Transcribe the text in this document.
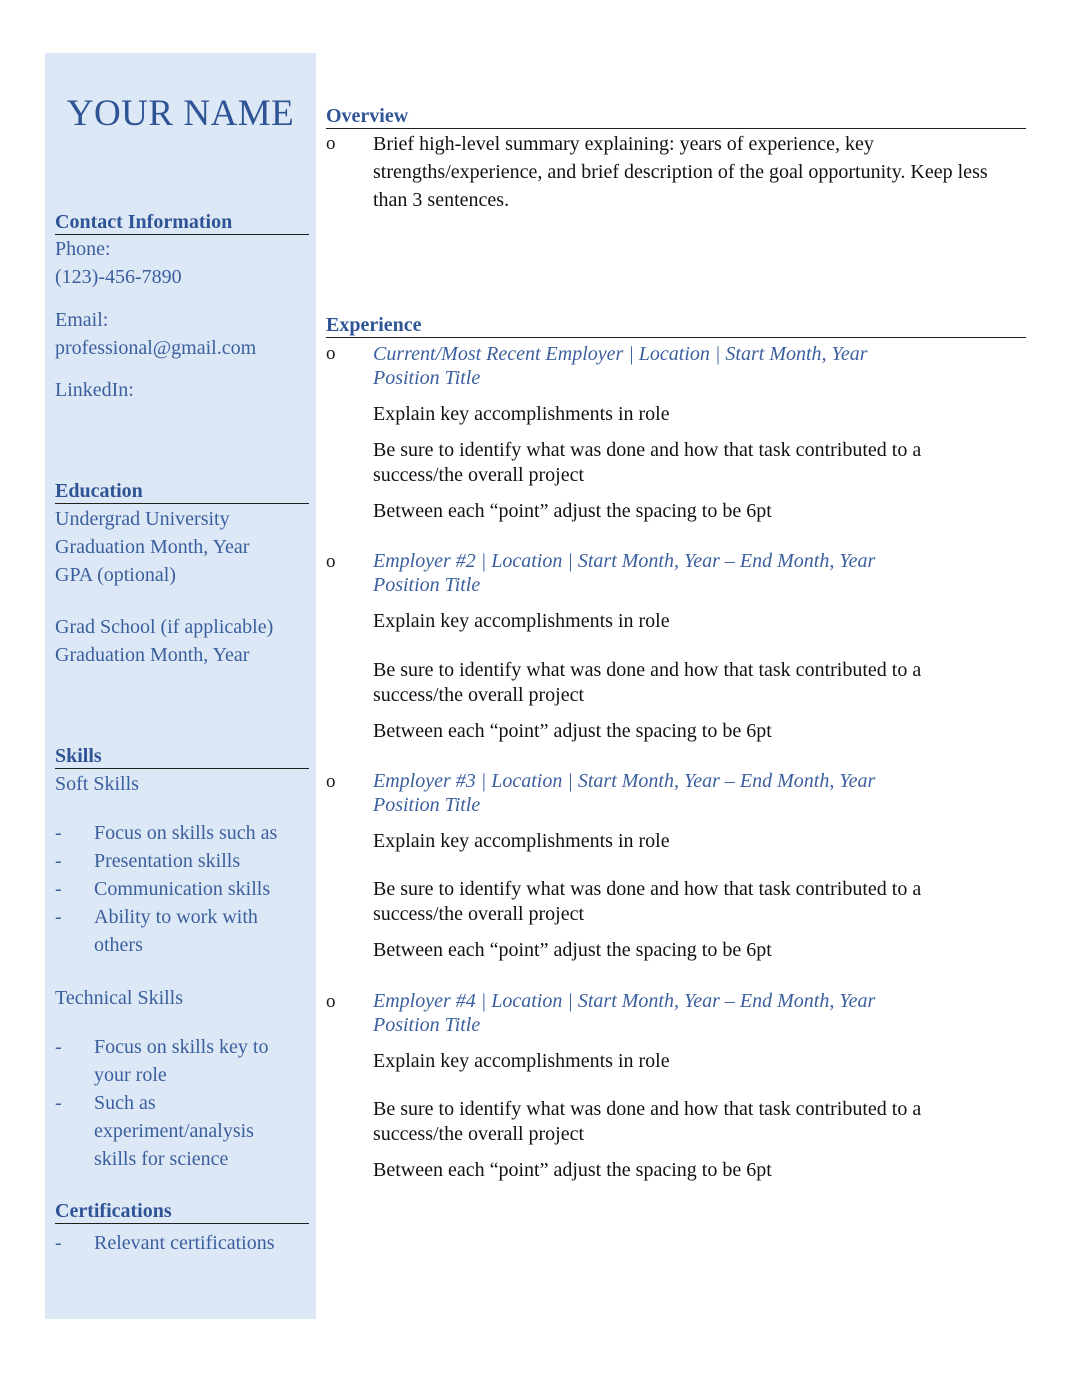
YOUR NAME
Contact Information
Phone:
(123)-456-7890
Email:
professional@gmail.com
LinkedIn:
Education
Undergrad University
Graduation Month, Year
GPA (optional)
Grad School (if applicable)
Graduation Month, Year
Skills
Soft Skills
- Focus on skills such as
- Presentation skills
- Communication skills
- Ability to work with others
Technical Skills
- Focus on skills key to your role
- Such as experiment/analysis skills for science
Certifications
- Relevant certifications
Overview
o Brief high-level summary explaining: years of experience, key strengths/experience, and brief description of the goal opportunity. Keep less than 3 sentences.
Experience
o Current/Most Recent Employer | Location | Start Month, Year
Position Title
Explain key accomplishments in role
Be sure to identify what was done and how that task contributed to a success/the overall project
Between each “point” adjust the spacing to be 6pt
o Employer #2 | Location | Start Month, Year – End Month, Year
Position Title
Explain key accomplishments in role
Be sure to identify what was done and how that task contributed to a success/the overall project
Between each “point” adjust the spacing to be 6pt
o Employer #3 | Location | Start Month, Year – End Month, Year
Position Title
Explain key accomplishments in role
Be sure to identify what was done and how that task contributed to a success/the overall project
Between each “point” adjust the spacing to be 6pt
o Employer #4 | Location | Start Month, Year – End Month, Year
Position Title
Explain key accomplishments in role
Be sure to identify what was done and how that task contributed to a success/the overall project
Between each “point” adjust the spacing to be 6pt
